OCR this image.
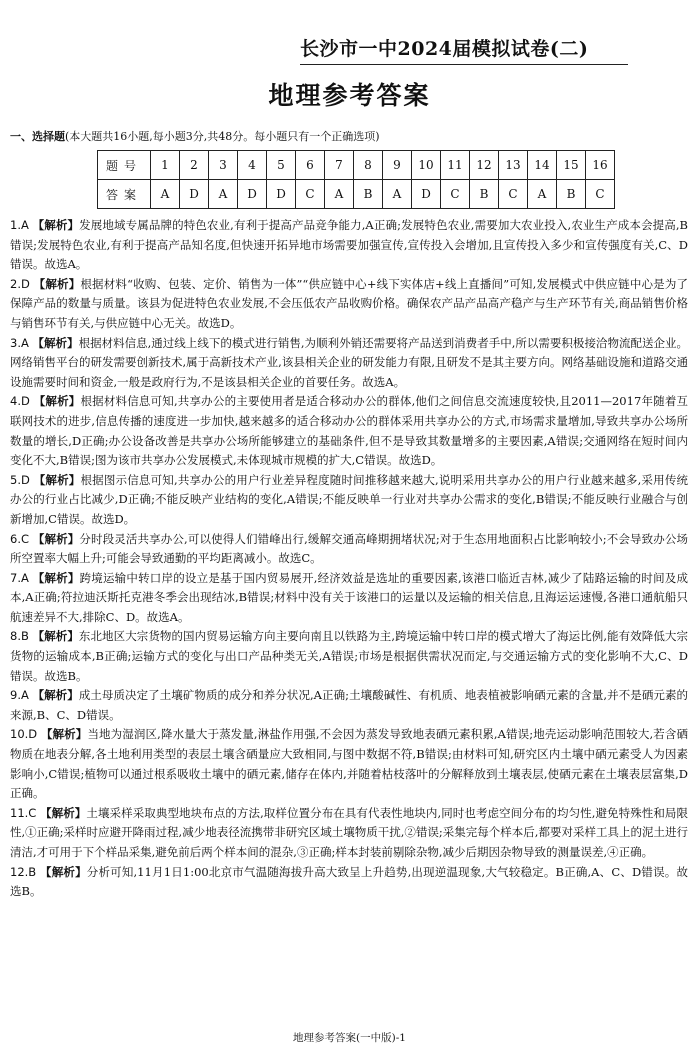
长沙市一中2024届模拟试卷(二)
地理参考答案
一、选择题(本大题共16小题,每小题3分,共48分。每小题只有一个正确选项)
题号	1	2	3	4	5	6	7	8	9	10	11	12	13	14	15	16
答案	A	D	A	D	D	C	A	B	A	D	C	B	C	A	B	C
1.A 【解析】发展地域专属品牌的特色农业,有利于提高产品竞争能力,A正确;发展特色农业,需要加大农业投入,农业生产成本会提高,B错误;发展特色农业,有利于提高产品知名度,但快速开拓异地市场需要加强宣传,宣传投入会增加,且宣传投入多少和宣传强度有关,C、D错误。故选A。
2.D 【解析】根据材料“收购、包装、定价、销售为一体”“供应链中心+线下实体店+线上直播间”可知,发展模式中供应链中心是为了保障产品的数量与质量。该县为促进特色农业发展,不会压低农产品收购价格。确保农产品产品高产稳产与生产环节有关,商品销售价格与销售环节有关,与供应链中心无关。故选D。
3.A 【解析】根据材料信息,通过线上线下的模式进行销售,为顺利外销还需要将产品送到消费者手中,所以需要积极接洽物流配送企业。网络销售平台的研发需要创新技术,属于高新技术产业,该县相关企业的研发能力有限,且研发不是其主要方向。网络基础设施和道路交通设施需要时间和资金,一般是政府行为,不是该县相关企业的首要任务。故选A。
4.D 【解析】根据材料信息可知,共享办公的主要使用者是适合移动办公的群体,他们之间信息交流速度较快,且2011—2017年随着互联网技术的进步,信息传播的速度进一步加快,越来越多的适合移动办公的群体采用共享办公的方式,市场需求量增加,导致共享办公场所数量的增长,D正确;办公设备改善是共享办公场所能够建立的基础条件,但不是导致其数量增多的主要因素,A错误;交通网络在短时间内变化不大,B错误;图为该市共享办公发展模式,未体现城市规模的扩大,C错误。故选D。
5.D 【解析】根据图示信息可知,共享办公的用户行业差异程度随时间推移越来越大,说明采用共享办公的用户行业越来越多,采用传统办公的行业占比减少,D正确;不能反映产业结构的变化,A错误;不能反映单一行业对共享办公需求的变化,B错误;不能反映行业融合与创新增加,C错误。故选D。
6.C 【解析】分时段灵活共享办公,可以使得人们错峰出行,缓解交通高峰期拥堵状况;对于生态用地面积占比影响较小;不会导致办公场所空置率大幅上升;可能会导致通勤的平均距离减小。故选C。
7.A 【解析】跨境运输中转口岸的设立是基于国内贸易展开,经济效益是选址的重要因素,该港口临近吉林,减少了陆路运输的时间及成本,A正确;符拉迪沃斯托克港冬季会出现结冰,B错误;材料中没有关于该港口的运量以及运输的相关信息,且海运运速慢,各港口通航船只航速差异不大,排除C、D。故选A。
8.B 【解析】东北地区大宗货物的国内贸易运输方向主要向南且以铁路为主,跨境运输中转口岸的模式增大了海运比例,能有效降低大宗货物的运输成本,B正确;运输方式的变化与出口产品种类无关,A错误;市场是根据供需状况而定,与交通运输方式的变化影响不大,C、D错误。故选B。
9.A 【解析】成土母质决定了土壤矿物质的成分和养分状况,A正确;土壤酸碱性、有机质、地表植被影响硒元素的含量,并不是硒元素的来源,B、C、D错误。
10.D 【解析】当地为湿润区,降水量大于蒸发量,淋盐作用强,不会因为蒸发导致地表硒元素积累,A错误;地壳运动影响范围较大,若含硒物质在地表分解,各土地利用类型的表层土壤含硒量应大致相同,与图中数据不符,B错误;由材料可知,研究区内土壤中硒元素受人为因素影响小,C错误;植物可以通过根系吸收土壤中的硒元素,储存在体内,并随着枯枝落叶的分解释放到土壤表层,使硒元素在土壤表层富集,D正确。
11.C 【解析】土壤采样采取典型地块布点的方法,取样位置分布在具有代表性地块内,同时也考虑空间分布的均匀性,避免特殊性和局限性,①正确;采样时应避开降雨过程,减少地表径流携带非研究区域土壤物质干扰,②错误;采集完每个样本后,都要对采样工具上的泥土进行清洁,才可用于下个样品采集,避免前后两个样本间的混杂,③正确;样本封装前剔除杂物,减少后期因杂物导致的测量误差,④正确。
12.B 【解析】分析可知,11月1日1:00北京市气温随海拔升高大致呈上升趋势,出现逆温现象,大气较稳定。B正确,A、C、D错误。故选B。
地理参考答案(一中版)-1
